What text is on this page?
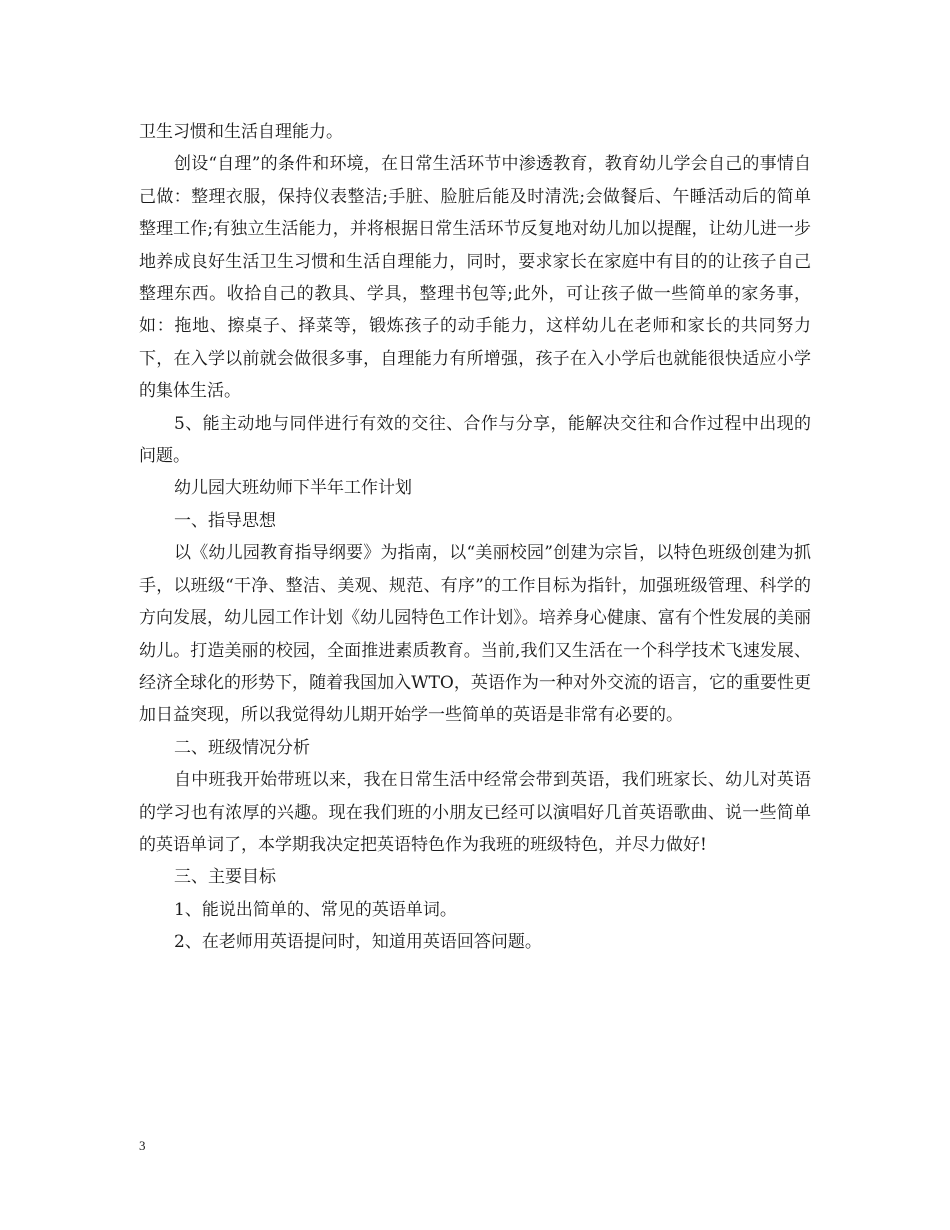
卫生习惯和生活自理能力。

创设“自理”的条件和环境，在日常生活环节中渗透教育，教育幼儿学会自己的事情自己做：整理衣服，保持仪表整洁;手脏、脸脏后能及时清洗;会做餐后、午睡活动后的简单整理工作;有独立生活能力，并将根据日常生活环节反复地对幼儿加以提醒，让幼儿进一步地养成良好生活卫生习惯和生活自理能力，同时，要求家长在家庭中有目的的让孩子自己整理东西。收拾自己的教具、学具，整理书包等;此外，可让孩子做一些简单的家务事，如：拖地、擦桌子、择菜等，锻炼孩子的动手能力，这样幼儿在老师和家长的共同努力下，在入学以前就会做很多事，自理能力有所增强，孩子在入小学后也就能很快适应小学的集体生活。

5、能主动地与同伴进行有效的交往、合作与分享，能解决交往和合作过程中出现的问题。

幼儿园大班幼师下半年工作计划

一、指导思想

以《幼儿园教育指导纲要》为指南，以“美丽校园”创建为宗旨，以特色班级创建为抓手，以班级“干净、整洁、美观、规范、有序”的工作目标为指针，加强班级管理、科学的方向发展，幼儿园工作计划《幼儿园特色工作计划》。培养身心健康、富有个性发展的美丽幼儿。打造美丽的校园，全面推进素质教育。当前,我们又生活在一个科学技术飞速发展、经济全球化的形势下，随着我国加入WTO，英语作为一种对外交流的语言，它的重要性更加日益突现，所以我觉得幼儿期开始学一些简单的英语是非常有必要的。

二、班级情况分析

自中班我开始带班以来，我在日常生活中经常会带到英语，我们班家长、幼儿对英语的学习也有浓厚的兴趣。现在我们班的小朋友已经可以演唱好几首英语歌曲、说一些简单的英语单词了，本学期我决定把英语特色作为我班的班级特色，并尽力做好!

三、主要目标

1、能说出简单的、常见的英语单词。

2、在老师用英语提问时，知道用英语回答问题。

3
